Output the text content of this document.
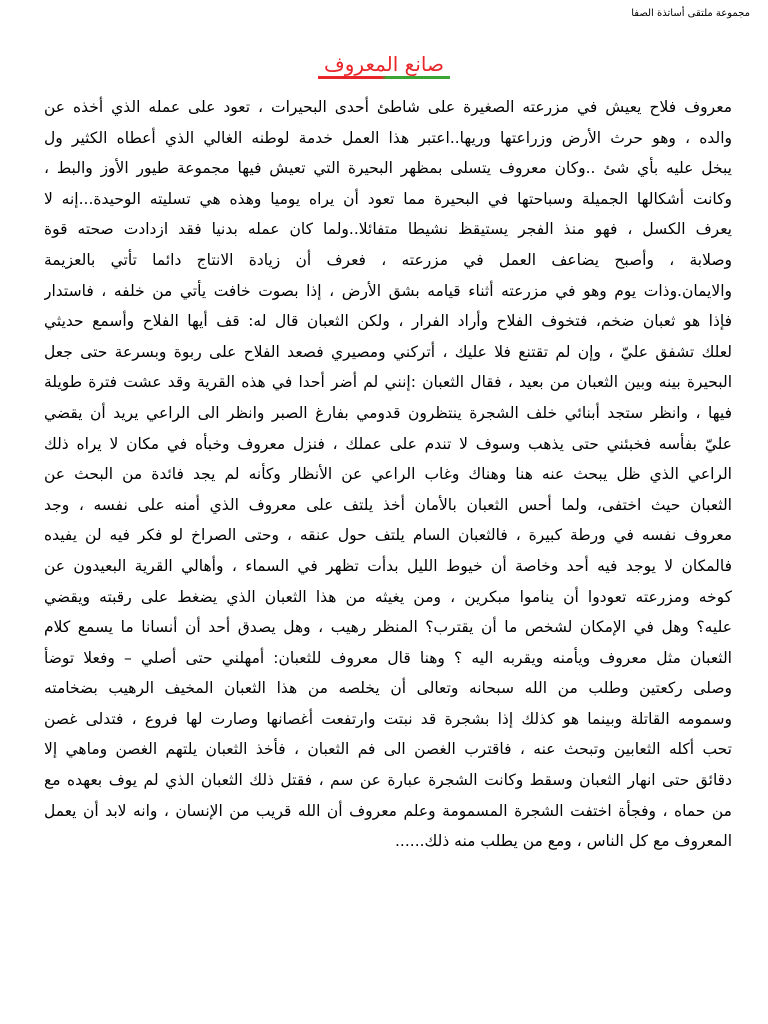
مجموعة ملتقى أساتذة الصفا
صانع المعروف
معروف فلاح يعيش في مزرعته الصغيرة على شاطئ أحدى البحيرات ، تعود على عمله الذي أخذه عن
والده ، وهو حرث الأرض وزراعتها وريها..اعتبر هذا العمل خدمة لوطنه الغالي الذي أعطاه الكثير ول
يبخل عليه بأي شئ ..وكان معروف يتسلى بمظهر البحيرة التي تعيش فيها مجموعة طيور الأوز والبط ،
وكانت أشكالها الجميلة وسباحتها في البحيرة مما تعود أن يراه يوميا وهذه هي تسليته الوحيدة...إنه لا
يعرف الكسل ، فهو منذ الفجر يستيقظ نشيطا متفائلا..ولما كان عمله بدنيا فقد ازدادت صحته قوة
وصلابة ، وأصبح يضاعف العمل في مزرعته ، فعرف أن زيادة الانتاج دائما تأتي بالعزيمة
والايمان.وذات يوم وهو في مزرعته أثناء قيامه بشق الأرض ، إذا بصوت خافت يأتي من خلفه ، فاستدار
فإذا هو ثعبان ضخم، فتخوف الفلاح وأراد الفرار ، ولكن الثعبان قال له: قف أيها الفلاح وأسمع حديثي
لعلك تشفق عليّ ، وإن لم تقتنع فلا عليك ، أتركني ومصيري فصعد الفلاح على ربوة وبسرعة حتى جعل
البحيرة بينه وبين الثعبان من بعيد ، فقال الثعبان :إنني لم أضر أحدا في هذه القرية وقد عشت فترة طويلة
فيها ، وانظر ستجد أبنائي خلف الشجرة ينتظرون قدومي بفارغ الصبر وانظر الى الراعي يريد أن يقضي
عليّ بفأسه فخبئني حتى يذهب وسوف لا تندم على عملك ، فنزل معروف وخبأه في مكان لا يراه ذلك
الراعي الذي ظل يبحث عنه هنا وهناك وغاب الراعي عن الأنظار وكأنه لم يجد فائدة من البحث عن
الثعبان حيث اختفى، ولما أحس الثعبان بالأمان أخذ يلتف على معروف الذي أمنه على نفسه ، وجد
معروف نفسه في ورطة كبيرة ، فالثعبان السام يلتف حول عنقه ، وحتى الصراخ لو فكر فيه لن يفيده
فالمكان لا يوجد فيه أحد وخاصة أن خيوط الليل بدأت تظهر في السماء ، وأهالي القرية البعيدون عن
كوخه ومزرعته تعودوا أن يناموا مبكرين ، ومن يغيثه من هذا الثعبان الذي يضغط على رقبته ويقضي
عليه؟ وهل في الإمكان لشخص ما أن يقترب؟ المنظر رهيب ، وهل يصدق أحد أن أنسانا ما يسمع كلام
الثعبان مثل معروف ويأمنه ويقربه اليه ؟ وهنا قال معروف للثعبان: أمهلني حتى أصلي – وفعلا توضأ
وصلى ركعتين وطلب من الله سبحانه وتعالى أن يخلصه من هذا الثعبان المخيف الرهيب بضخامته
وسمومه القاتلة وبينما هو كذلك إذا بشجرة قد نبتت وارتفعت أغصانها وصارت لها فروع ، فتدلى غصن
تحب أكله الثعابين وتبحث عنه ، فاقترب الغصن الى فم الثعبان ، فأخذ الثعبان يلتهم الغصن وماهي إلا
دقائق حتى انهار الثعبان وسقط وكانت الشجرة عبارة عن سم ، فقتل ذلك الثعبان الذي لم يوف بعهده مع
من حماه ، وفجأة اختفت الشجرة المسمومة وعلم معروف أن الله قريب من الإنسان ، وانه لابد أن يعمل
المعروف مع كل الناس ، ومع من يطلب منه ذلك......
